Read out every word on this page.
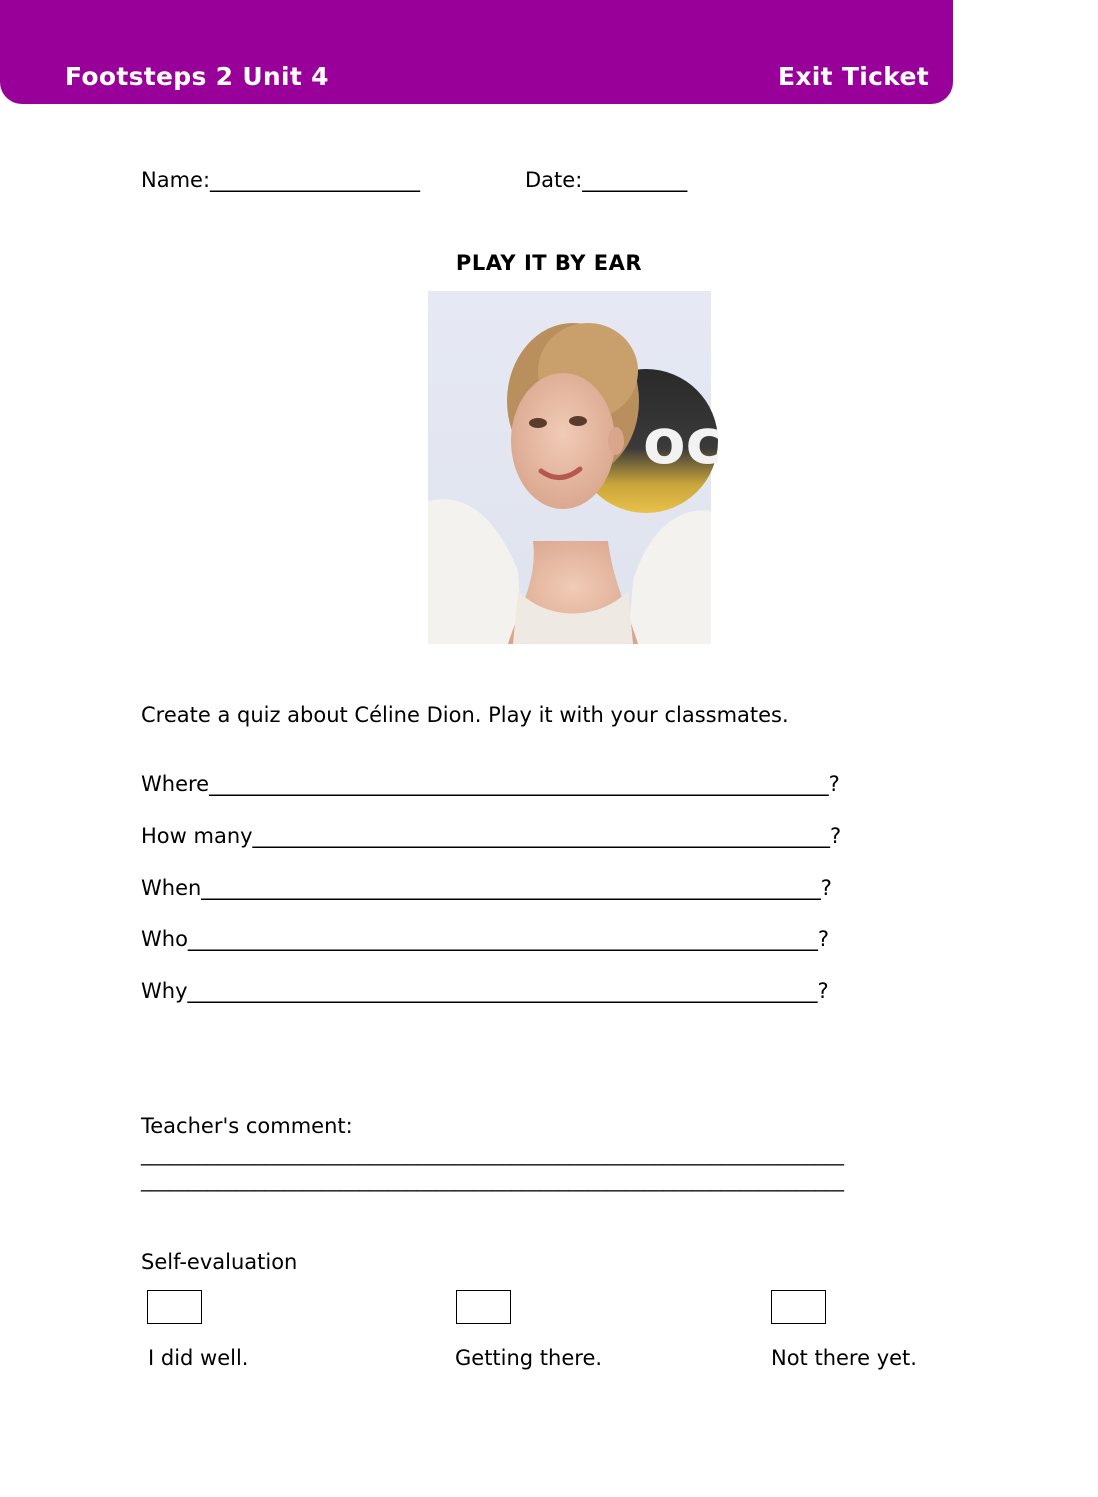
Footsteps 2 Unit 4	Exit Ticket
Name:____________________	Date:__________
PLAY IT BY EAR
oc
Create a quiz about Céline Dion. Play it with your classmates.
Where___________________________________________________________?
How many_______________________________________________________?
When___________________________________________________________?
Who____________________________________________________________?
Why____________________________________________________________?
Teacher's comment:
__________________________________________________________________________
__________________________________________________________________________
Self-evaluation
I did well.	Getting there.	Not there yet.
